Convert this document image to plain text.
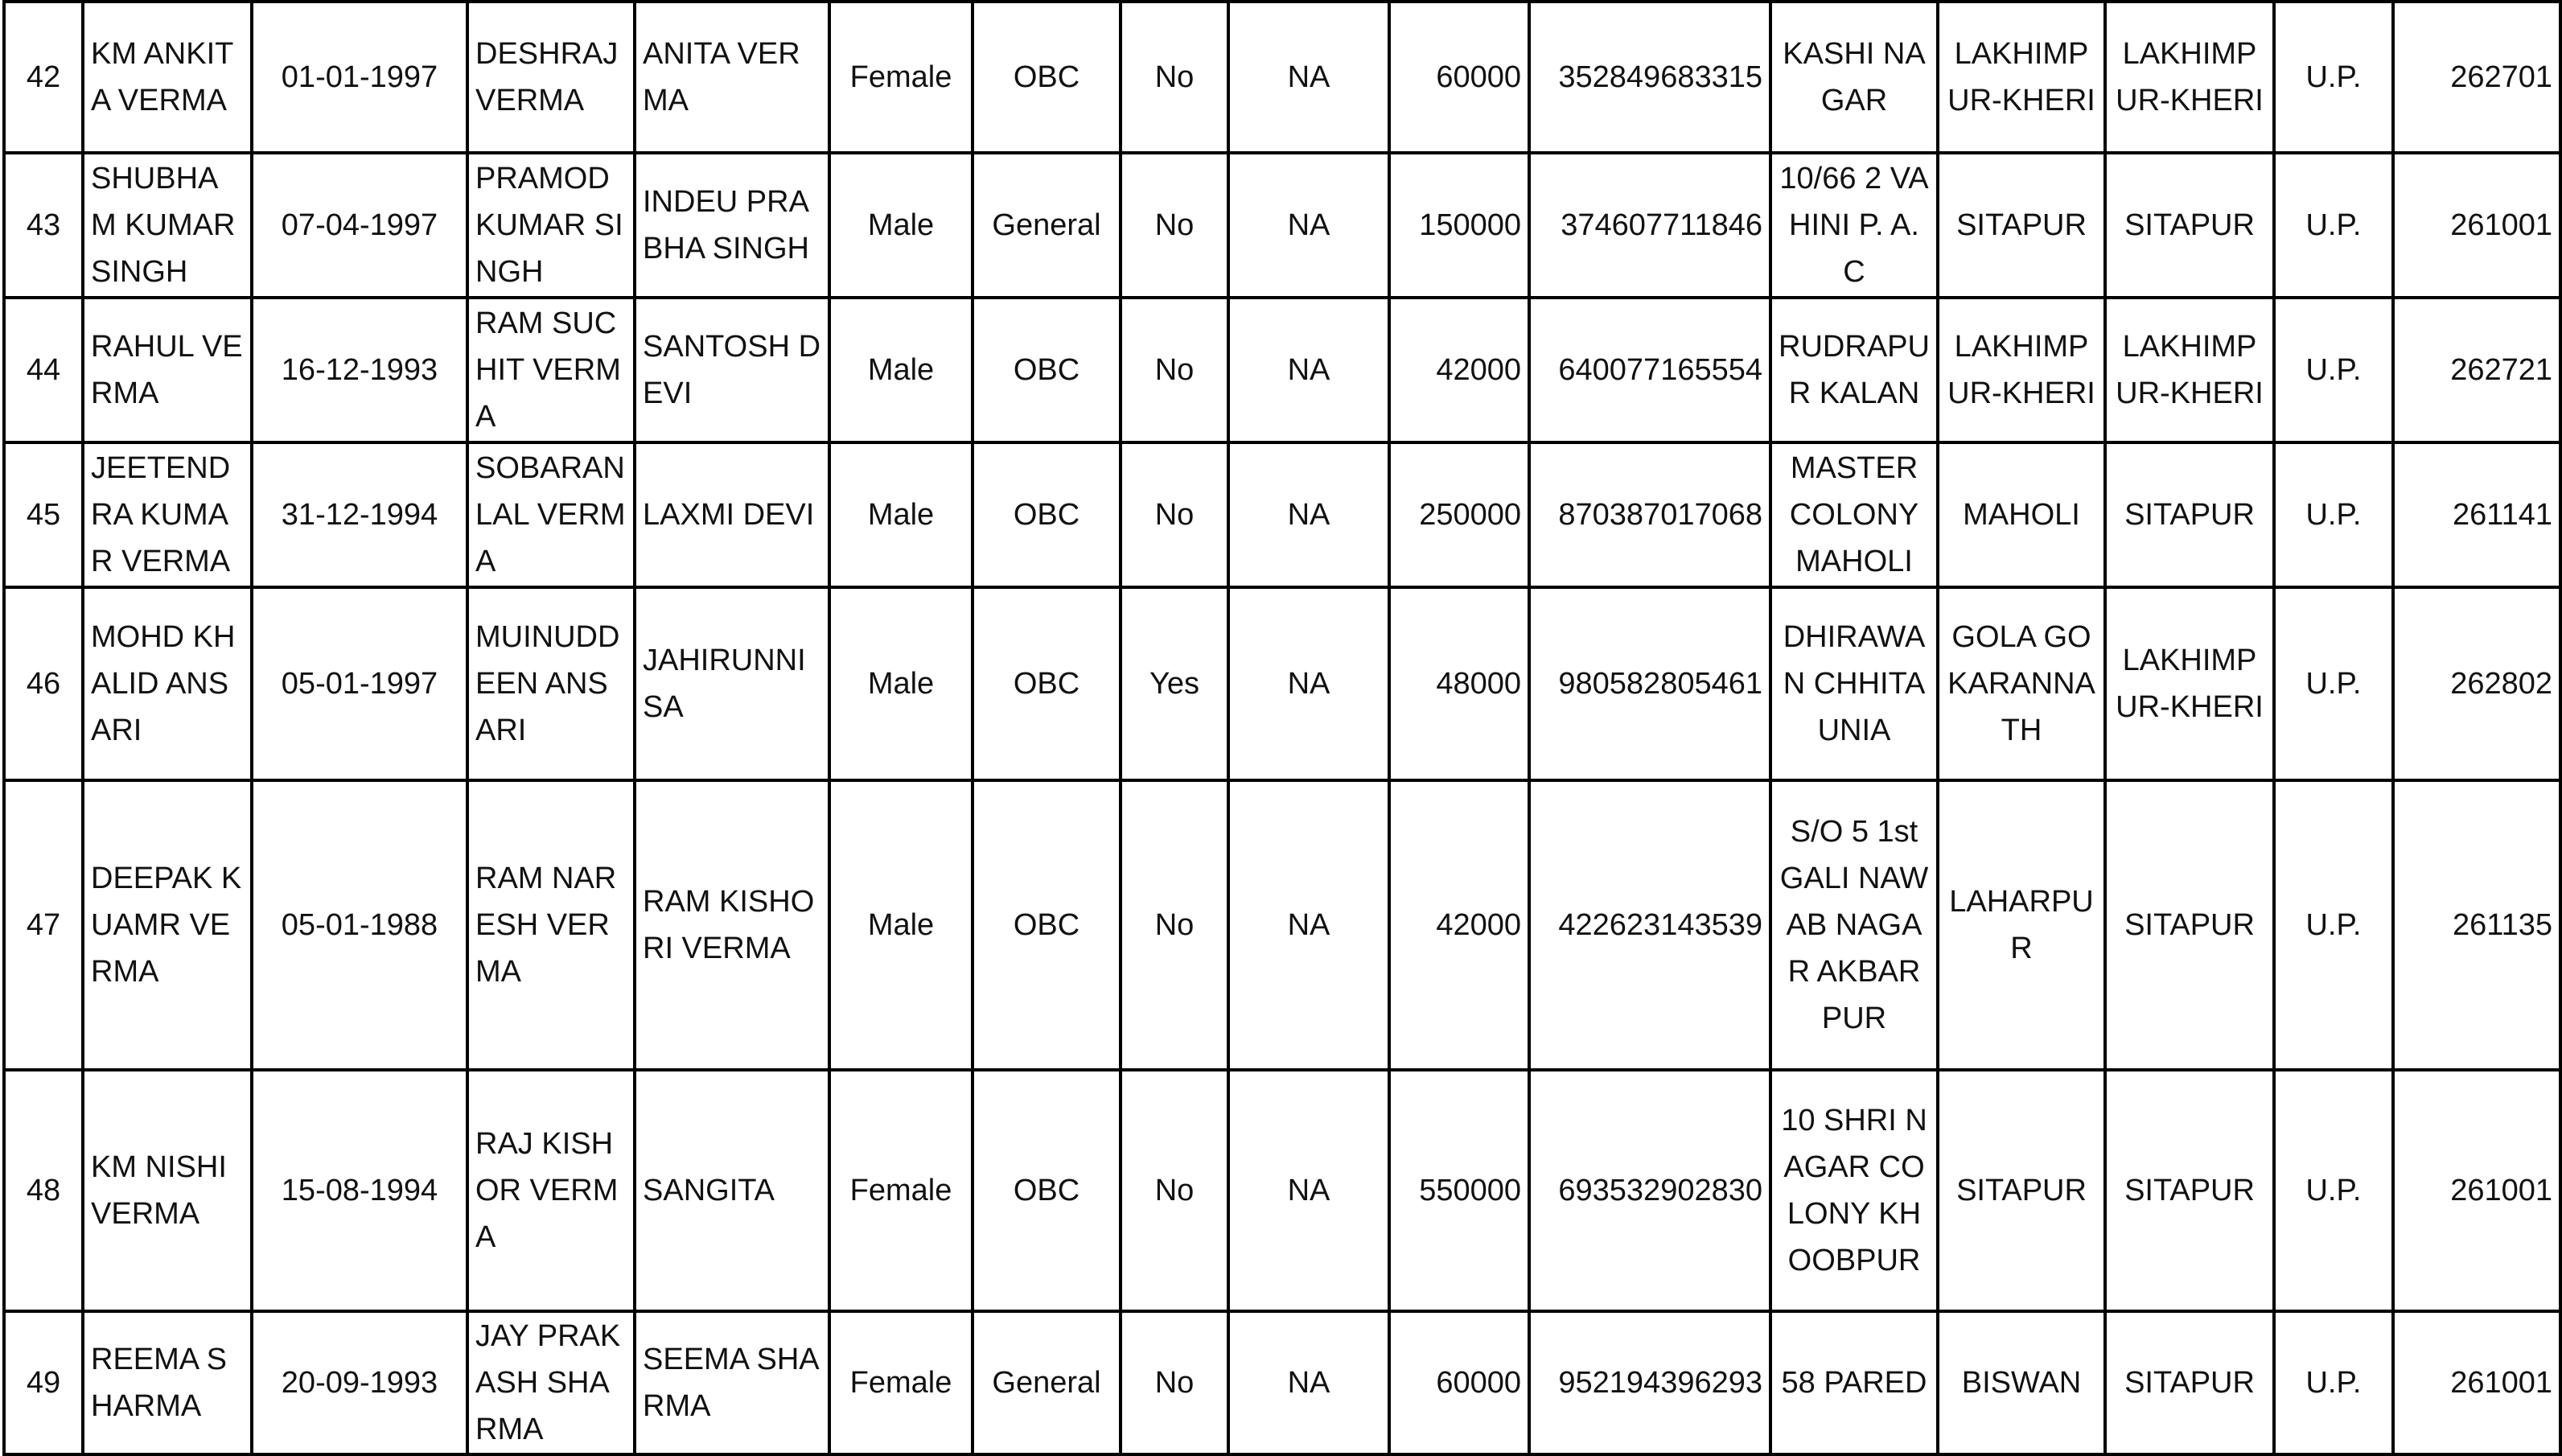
42	KM ANKITA VERMA	01-01-1997	DESHRAJ VERMA	ANITA VERMA	Female	OBC	No	NA	60000	352849683315	KASHI NAGAR	LAKHIMPUR-KHERI	LAKHIMPUR-KHERI	U.P.	262701
43	SHUBHAM KUMAR SINGH	07-04-1997	PRAMOD KUMAR SINGH	INDEU PRABHA SINGH	Male	General	No	NA	150000	374607711846	10/66 2 VAHINI P. A. C	SITAPUR	SITAPUR	U.P.	261001
44	RAHUL VERMA	16-12-1993	RAM SUCHIT VERMA	SANTOSH DEVI	Male	OBC	No	NA	42000	640077165554	RUDRAPUR KALAN	LAKHIMPUR-KHERI	LAKHIMPUR-KHERI	U.P.	262721
45	JEETENDRA KUMAR VERMA	31-12-1994	SOBARANLAL VERMA	LAXMI DEVI	Male	OBC	No	NA	250000	870387017068	MASTER COLONY MAHOLI	MAHOLI	SITAPUR	U.P.	261141
46	MOHD KHALID ANSARI	05-01-1997	MUINUDDEEN ANSARI	JAHIRUNNISA	Male	OBC	Yes	NA	48000	980582805461	DHIRAWAN CHHITAUNIA	GOLA GOKARANNATH	LAKHIMPUR-KHERI	U.P.	262802
47	DEEPAK KUAMR VERMA	05-01-1988	RAM NARESH VERMA	RAM KISHORI VERMA	Male	OBC	No	NA	42000	422623143539	S/O 5 1st GALI NAWAB NAGAR AKBARPUR	LAHARPUR	SITAPUR	U.P.	261135
48	KM NISHI VERMA	15-08-1994	RAJ KISHOR VERMA	SANGITA	Female	OBC	No	NA	550000	693532902830	10 SHRI NAGAR COLONY KHOOBPUR	SITAPUR	SITAPUR	U.P.	261001
49	REEMA SHARMA	20-09-1993	JAY PRAKASH SHARMA	SEEMA SHARMA	Female	General	No	NA	60000	952194396293	58 PARED	BISWAN	SITAPUR	U.P.	261001
